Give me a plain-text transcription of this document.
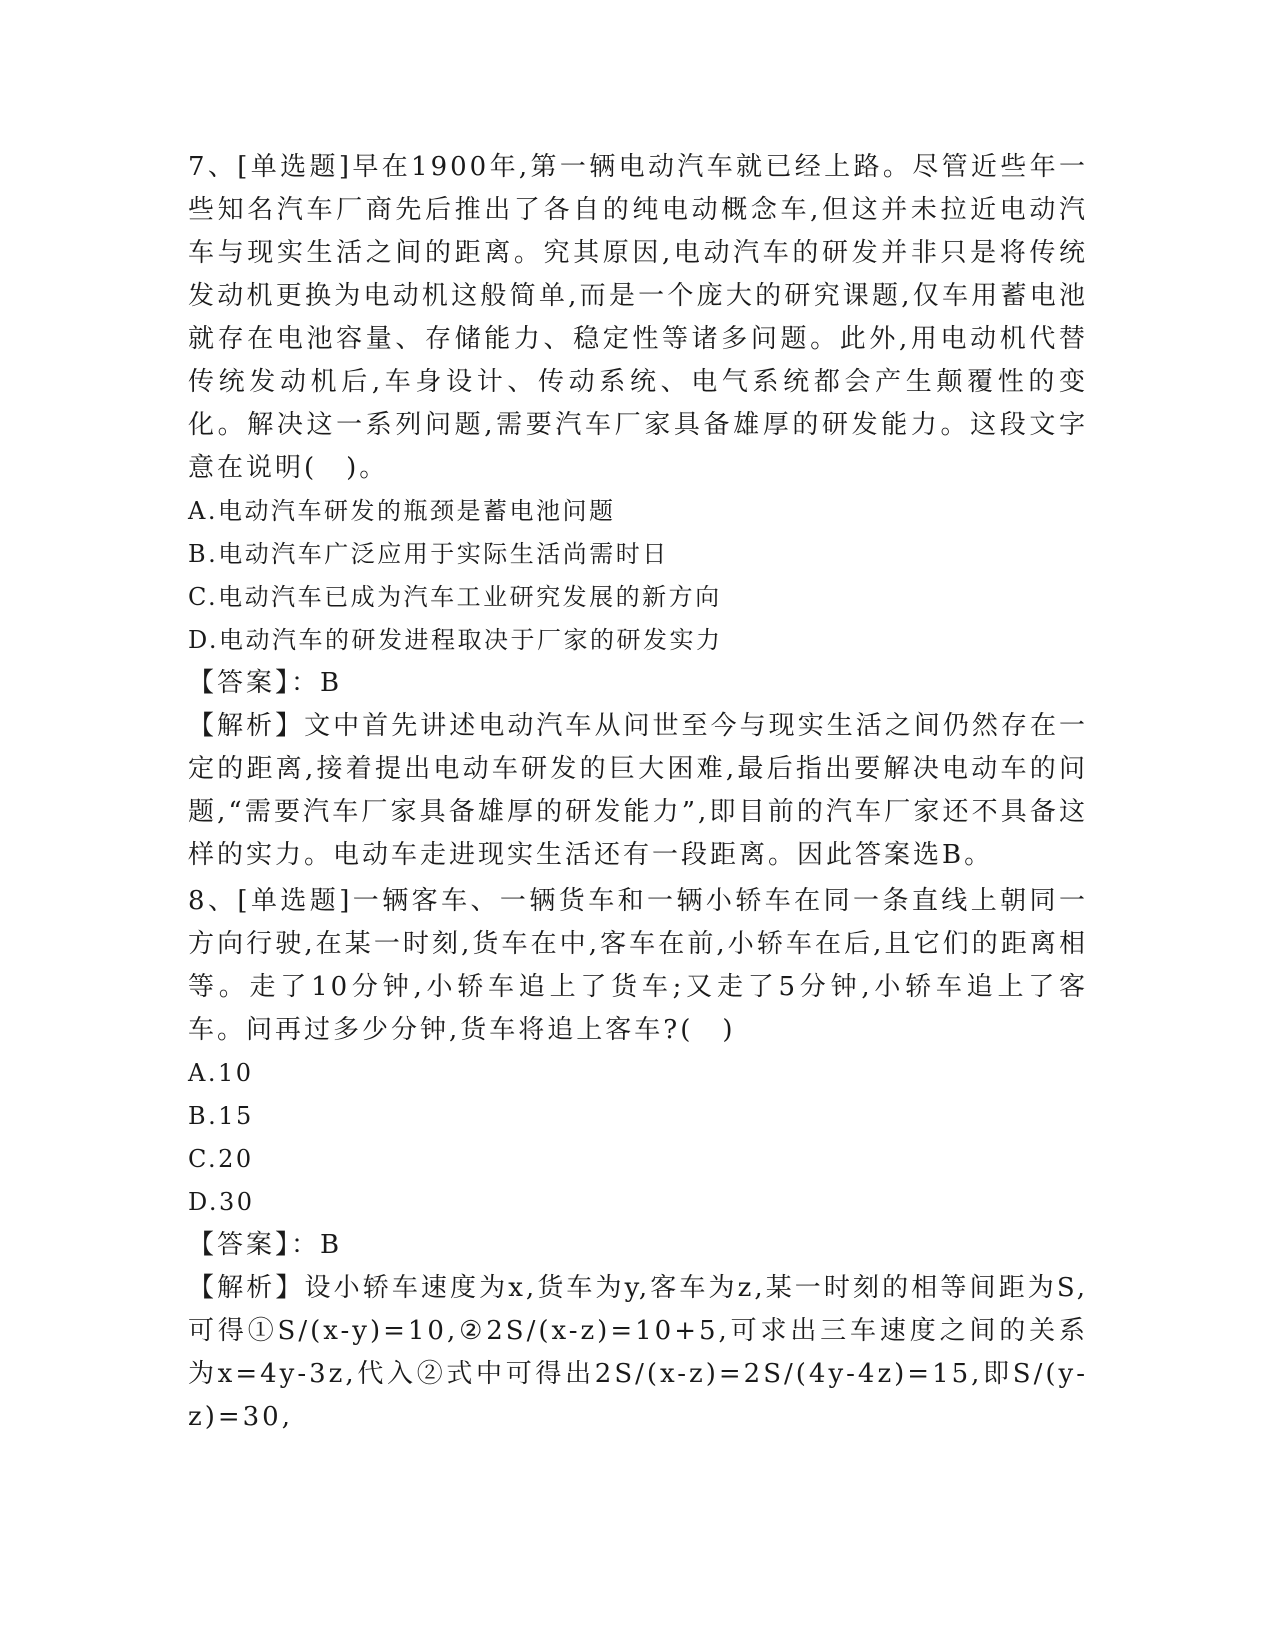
7、[单选题]早在1900年,第一辆电动汽车就已经上路。尽管近些年一些知名汽车厂商先后推出了各自的纯电动概念车,但这并未拉近电动汽车与现实生活之间的距离。究其原因,电动汽车的研发并非只是将传统发动机更换为电动机这般简单,而是一个庞大的研究课题,仅车用蓄电池就存在电池容量、存储能力、稳定性等诸多问题。此外,用电动机代替传统发动机后,车身设计、传动系统、电气系统都会产生颠覆性的变化。解决这一系列问题,需要汽车厂家具备雄厚的研发能力。这段文字意在说明(　)。

A.电动汽车研发的瓶颈是蓄电池问题

B.电动汽车广泛应用于实际生活尚需时日

C.电动汽车已成为汽车工业研究发展的新方向

D.电动汽车的研发进程取决于厂家的研发实力

【答案】：B

【解析】文中首先讲述电动汽车从问世至今与现实生活之间仍然存在一定的距离,接着提出电动车研发的巨大困难,最后指出要解决电动车的问题,“需要汽车厂家具备雄厚的研发能力”,即目前的汽车厂家还不具备这样的实力。电动车走进现实生活还有一段距离。因此答案选B。

8、[单选题]一辆客车、一辆货车和一辆小轿车在同一条直线上朝同一方向行驶,在某一时刻,货车在中,客车在前,小轿车在后,且它们的距离相等。走了10分钟,小轿车追上了货车;又走了5分钟,小轿车追上了客车。问再过多少分钟,货车将追上客车?(　)

A.10

B.15

C.20

D.30

【答案】：B

【解析】设小轿车速度为x,货车为y,客车为z,某一时刻的相等间距为S,可得①S/(x-y)=10,②2S/(x-z)=10+5,可求出三车速度之间的关系为x=4y-3z,代入②式中可得出2S/(x-z)=2S/(4y-4z)=15,即S/(y-z)=30,
